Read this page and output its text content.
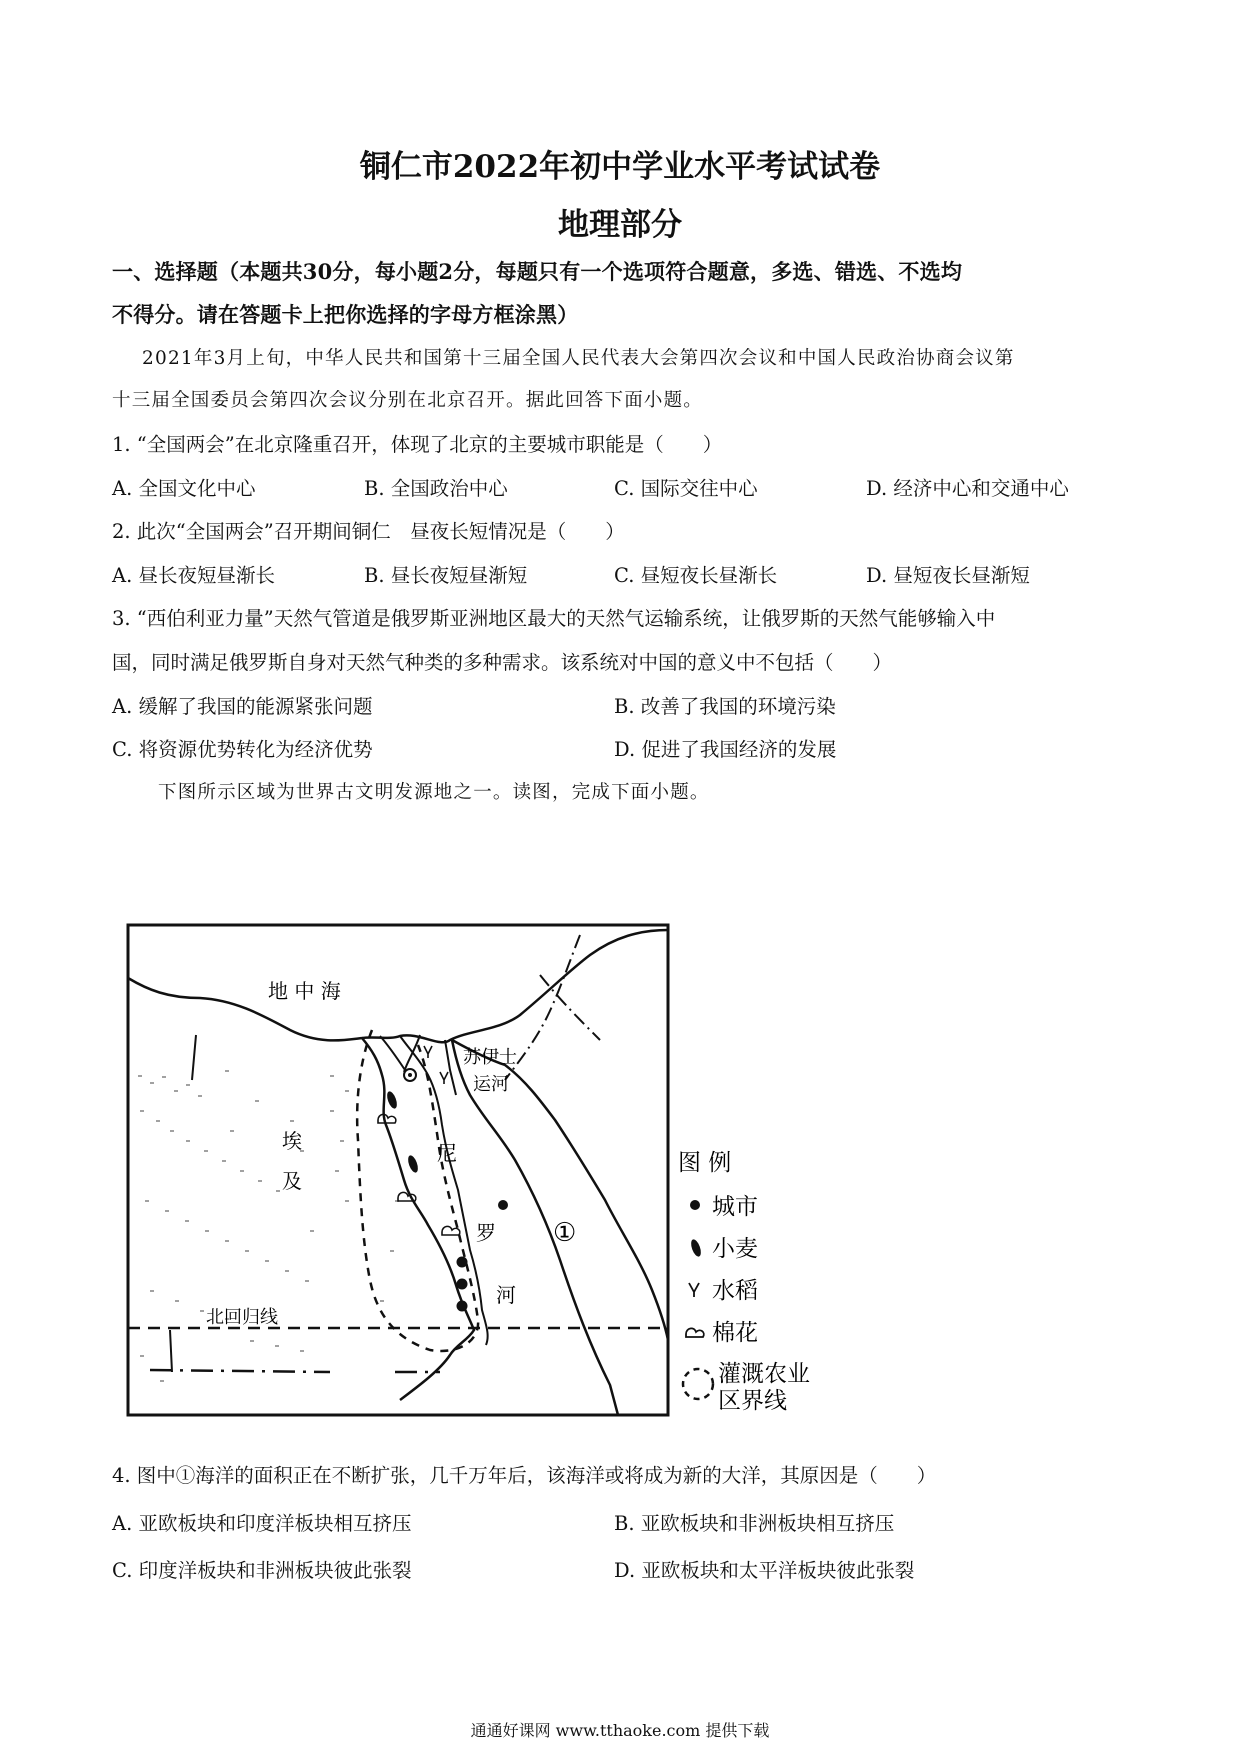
铜仁市2022年初中学业水平考试试卷
地理部分
一、选择题（本题共30分，每小题2分，每题只有一个选项符合题意，多选、错选、不选均
不得分。请在答题卡上把你选择的字母方框涂黑）
2021年3月上旬，中华人民共和国第十三届全国人民代表大会第四次会议和中国人民政治协商会议第
十三届全国委员会第四次会议分别在北京召开。据此回答下面小题。
1. “全国两会”在北京隆重召开，体现了北京的主要城市职能是（　　）
A. 全国文化中心	B. 全国政治中心	C. 国际交往中心	D. 经济中心和交通中心
2. 此次“全国两会”召开期间铜仁　昼夜长短情况是（　　）
A. 昼长夜短昼渐长	B. 昼长夜短昼渐短	C. 昼短夜长昼渐长	D. 昼短夜长昼渐短
3. “西伯利亚力量”天然气管道是俄罗斯亚洲地区最大的天然气运输系统，让俄罗斯的天然气能够输入中
国，同时满足俄罗斯自身对天然气种类的多种需求。该系统对中国的意义中不包括（　　）
A. 缓解了我国的能源紧张问题	B. 改善了我国的环境污染
C. 将资源优势转化为经济优势	D. 促进了我国经济的发展
下图所示区域为世界古文明发源地之一。读图，完成下面小题。
地 中 海
苏伊士
运河
埃
及
尼
罗
河
北回归线
①
图 例
城市
小麦
水稻
棉花
灌溉农业
区界线
4. 图中①海洋的面积正在不断扩张，几千万年后，该海洋或将成为新的大洋，其原因是（　　）
A. 亚欧板块和印度洋板块相互挤压	B. 亚欧板块和非洲板块相互挤压
C. 印度洋板块和非洲板块彼此张裂	D. 亚欧板块和太平洋板块彼此张裂
通通好课网 www.tthaoke.com 提供下载
